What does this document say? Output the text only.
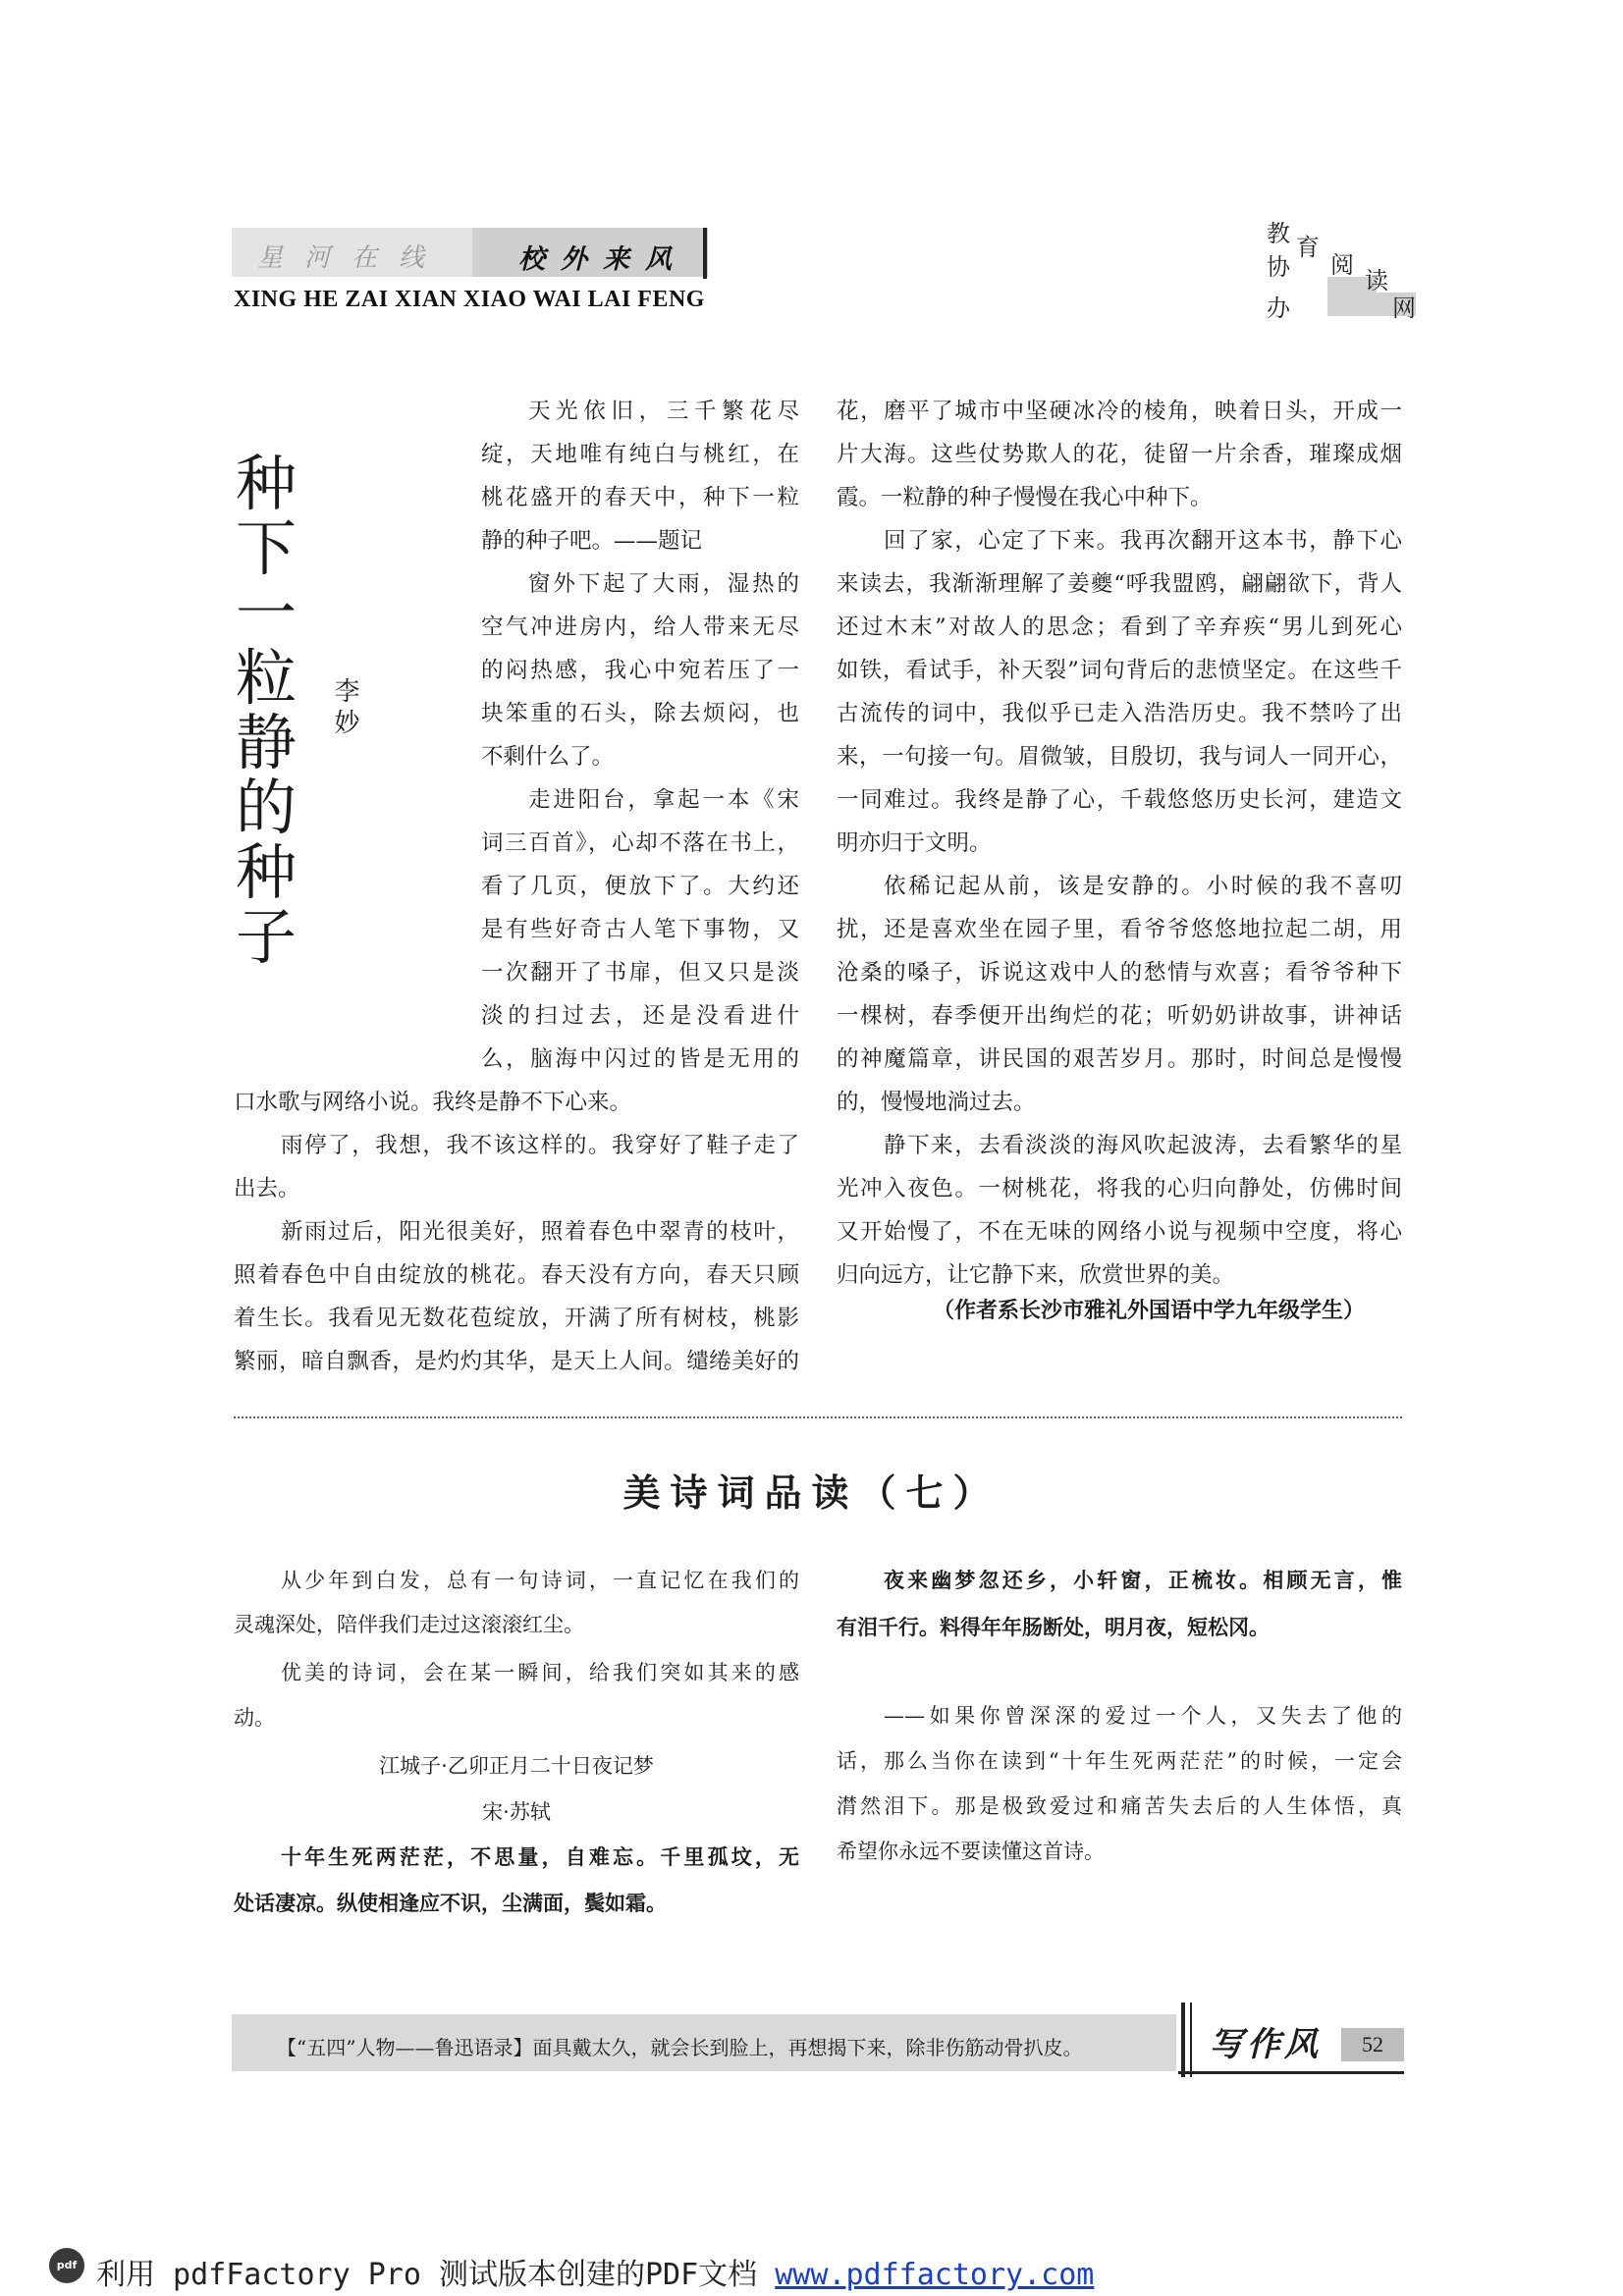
星河在线	校外来风
XING HE ZAI XIAN XIAO WAI LAI FENG
教 育
协 阅
读
办	网
种
下
一
粒
静
的
种
子
李妙
天光依旧，三千繁花尽
绽，天地唯有纯白与桃红，在
桃花盛开的春天中，种下一粒
静的种子吧。——题记
窗外下起了大雨，湿热的
空气冲进房内，给人带来无尽
的闷热感，我心中宛若压了一
块笨重的石头，除去烦闷，也
不剩什么了。
走进阳台，拿起一本《宋
词三百首》，心却不落在书上，
看了几页，便放下了。大约还
是有些好奇古人笔下事物，又
一次翻开了书扉，但又只是淡
淡的扫过去，还是没看进什
么，脑海中闪过的皆是无用的
口水歌与网络小说。我终是静不下心来。
雨停了，我想，我不该这样的。我穿好了鞋子走了
出去。
新雨过后，阳光很美好，照着春色中翠青的枝叶，
照着春色中自由绽放的桃花。春天没有方向，春天只顾
着生长。我看见无数花苞绽放，开满了所有树枝，桃影
繁丽，暗自飘香，是灼灼其华，是天上人间。缱绻美好的
花，磨平了城市中坚硬冰冷的棱角，映着日头，开成一
片大海。这些仗势欺人的花，徒留一片余香，璀璨成烟
霞。一粒静的种子慢慢在我心中种下。
回了家，心定了下来。我再次翻开这本书，静下心
来读去，我渐渐理解了姜夔“呼我盟鸥，翩翩欲下，背人
还过木末”对故人的思念；看到了辛弃疾“男儿到死心
如铁，看试手，补天裂”词句背后的悲愤坚定。在这些千
古流传的词中，我似乎已走入浩浩历史。我不禁吟了出
来，一句接一句。眉微皱，目殷切，我与词人一同开心，
一同难过。我终是静了心，千载悠悠历史长河，建造文
明亦归于文明。
依稀记起从前，该是安静的。小时候的我不喜叨
扰，还是喜欢坐在园子里，看爷爷悠悠地拉起二胡，用
沧桑的嗓子，诉说这戏中人的愁情与欢喜；看爷爷种下
一棵树，春季便开出绚烂的花；听奶奶讲故事，讲神话
的神魔篇章，讲民国的艰苦岁月。那时，时间总是慢慢
的，慢慢地淌过去。
静下来，去看淡淡的海风吹起波涛，去看繁华的星
光冲入夜色。一树桃花，将我的心归向静处，仿佛时间
又开始慢了，不在无味的网络小说与视频中空度，将心
归向远方，让它静下来，欣赏世界的美。
（作者系长沙市雅礼外国语中学九年级学生）
美诗词品读（七）
从少年到白发，总有一句诗词，一直记忆在我们的
灵魂深处，陪伴我们走过这滚滚红尘。
优美的诗词，会在某一瞬间，给我们突如其来的感
动。
江城子·乙卯正月二十日夜记梦
宋·苏轼
十年生死两茫茫，不思量，自难忘。千里孤坟，无
处话凄凉。纵使相逢应不识，尘满面，鬓如霜。
夜来幽梦忽还乡，小轩窗，正梳妆。相顾无言，惟
有泪千行。料得年年肠断处，明月夜，短松冈。
——如果你曾深深的爱过一个人，又失去了他的
话，那么当你在读到“十年生死两茫茫”的时候，一定会
潸然泪下。那是极致爱过和痛苦失去后的人生体悟，真
希望你永远不要读懂这首诗。
【“五四”人物——鲁迅语录】面具戴太久，就会长到脸上，再想揭下来，除非伤筋动骨扒皮。	写作风	52
pdf 利用 pdfFactory Pro 测试版本创建的PDF文档 www.pdffactory.com
